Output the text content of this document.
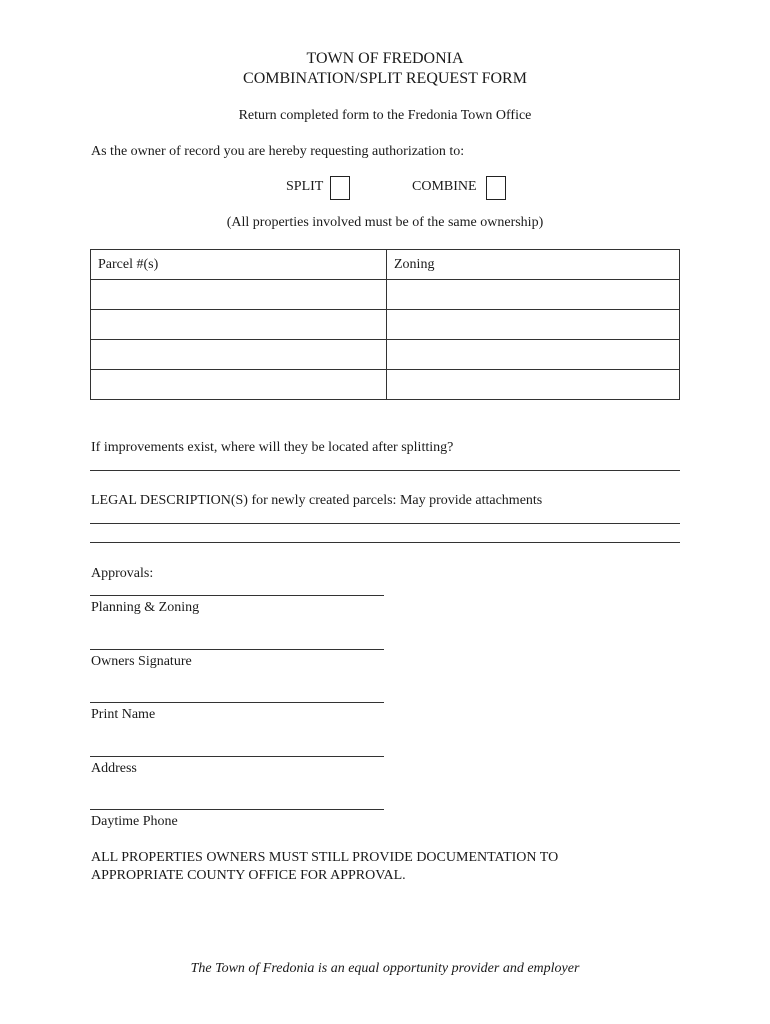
TOWN OF FREDONIA
COMBINATION/SPLIT REQUEST FORM
Return completed form to the Fredonia Town Office
As the owner of record you are hereby requesting authorization to:
SPLIT	COMBINE
(All properties involved must be of the same ownership)
Parcel #(s)	Zoning

If improvements exist, where will they be located after splitting?
LEGAL DESCRIPTION(S) for newly created parcels: May provide attachments
Approvals:
Planning & Zoning
Owners Signature
Print Name
Address
Daytime Phone
ALL PROPERTIES OWNERS MUST STILL PROVIDE DOCUMENTATION TO
APPROPRIATE COUNTY OFFICE FOR APPROVAL.
The Town of Fredonia is an equal opportunity provider and employer
